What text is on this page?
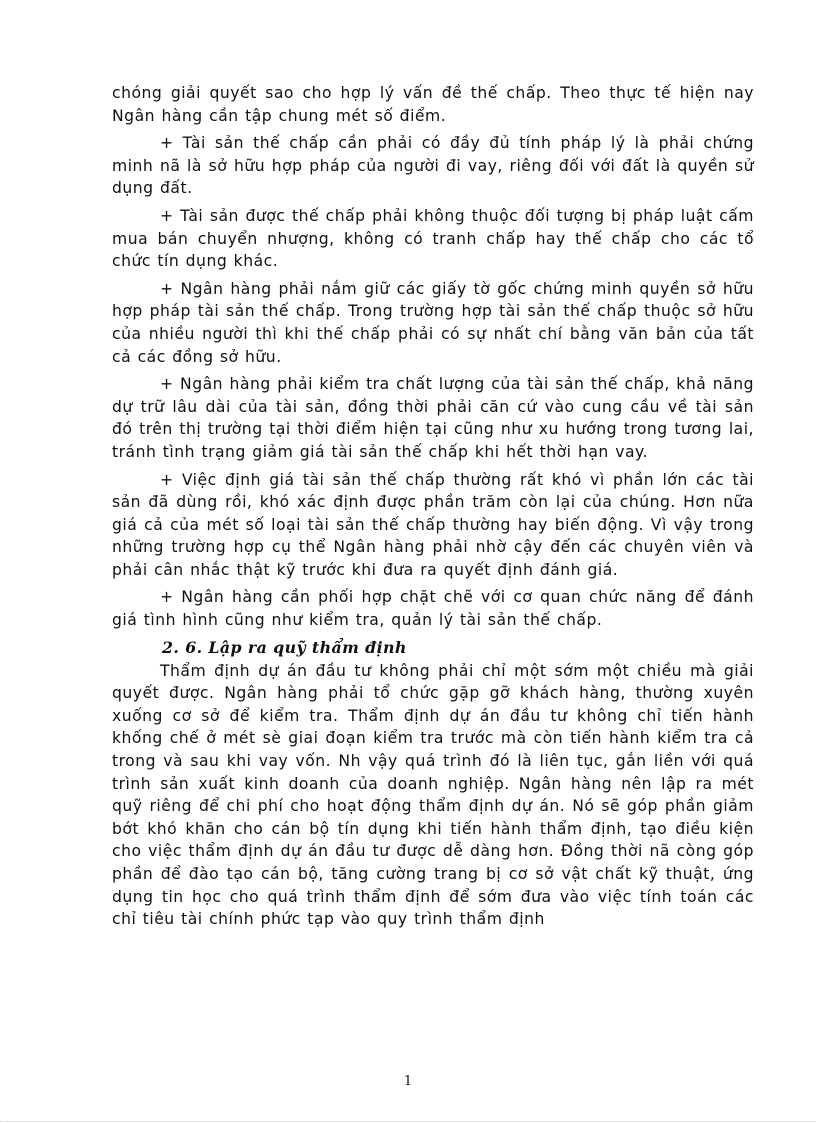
chóng giải quyết sao cho hợp lý vấn đề thế chấp. Theo thực tế hiện nay Ngân hàng cần tập chung mét số điểm.

+ Tài sản thế chấp cần phải có đầy đủ tính pháp lý là phải chứng minh nã là sở hữu hợp pháp của người đi vay, riêng đối với đất là quyền sử dụng đất.

+ Tài sản được thế chấp phải không thuộc đối tượng bị pháp luật cấm mua bán chuyển nhượng, không có tranh chấp hay thế chấp cho các tổ chức tín dụng khác.

+ Ngân hàng phải nắm giữ các giấy tờ gốc chứng minh quyền sở hữu hợp pháp tài sản thế chấp. Trong trường hợp tài sản thế chấp thuộc sở hữu của nhiều người thì khi thế chấp phải có sự nhất chí bằng văn bản của tất cả các đồng sở hữu.

+ Ngân hàng phải kiểm tra chất lượng của tài sản thế chấp, khả năng dự trữ lâu dài của tài sản, đồng thời phải căn cứ vào cung cầu về tài sản đó trên thị trường tại thời điểm hiện tại cũng như xu hướng trong tương lai, tránh tình trạng giảm giá tài sản thế chấp khi hết thời hạn vay.

+ Việc định giá tài sản thế chấp thường rất khó vì phần lớn các tài sản đã dùng rồi, khó xác định được phần trăm còn lại của chúng. Hơn nữa giá cả của mét số loại tài sản thế chấp thường hay biến động. Vì vậy trong những trường hợp cụ thể Ngân hàng phải nhờ cậy đến các chuyên viên và phải cân nhắc thật kỹ trước khi đưa ra quyết định đánh giá.

+ Ngân hàng cần phối hợp chặt chẽ với cơ quan chức năng để đánh giá tình hình cũng như kiểm tra, quản lý tài sản thế chấp.

2. 6. Lập ra quỹ thẩm định

Thẩm định dự án đầu tư không phải chỉ một sớm một chiều mà giải quyết được. Ngân hàng phải tổ chức gặp gỡ khách hàng, thường xuyên xuống cơ sở để kiểm tra. Thẩm định dự án đầu tư không chỉ tiến hành khống chế ở mét sè giai đoạn kiểm tra trước mà còn tiến hành kiểm tra cả trong và sau khi vay vốn. Nh vậy quá trình đó là liên tục, gắn liền với quá trình sản xuất kinh doanh của doanh nghiệp. Ngân hàng nên lập ra mét quỹ riêng để chi phí cho hoạt động thẩm định dự án. Nó sẽ góp phần giảm bớt khó khăn cho cán bộ tín dụng khi tiến hành thẩm định, tạo điều kiện cho việc thẩm định dự án đầu tư được dễ dàng hơn. Đồng thời nã còng góp phần để đào tạo cán bộ, tăng cường trang bị cơ sở vật chất kỹ thuật, ứng dụng tin học cho quá trình thẩm định để sớm đưa vào việc tính toán các chỉ tiêu tài chính phức tạp vào quy trình thẩm định

1
